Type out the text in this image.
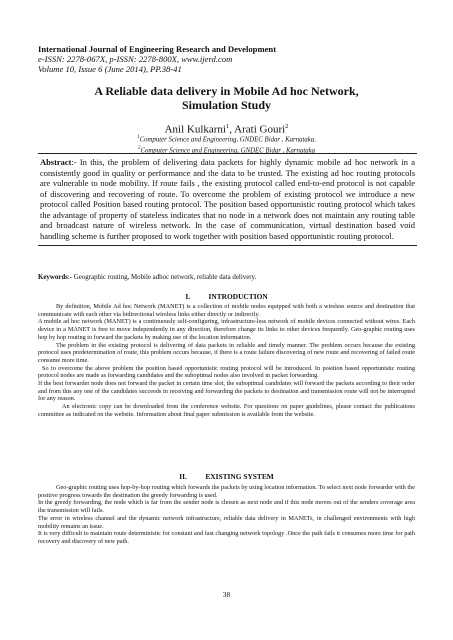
International Journal of Engineering Research and Development
e-ISSN: 2278-067X, p-ISSN: 2278-800X, www.ijerd.com
Volume 10, Issue 6 (June 2014), PP.38-41
A Reliable data delivery in Mobile Ad hoc Network,
Simulation Study
Anil Kulkarni$^1$, Arati Gouri$^2$
$^1$Computer Science and Engineering, GNDEC Bidar , Karnataka.
$^2$Computer Science and Engineering, GNDEC Bidar , Karnataka

Abstract:- In this, the problem of delivering data packets for highly dynamic mobile ad hoc network in a consistently good in quality or performance and the data to be trusted. The existing ad hoc routing protocols are vulnerable to node mobility. If route fails , the existing protocol called end-to-end protocol is not capable of discovering and recovering of route. To overcome the problem of existing protocol we introduce a new protocol called Position based routing protocol. The position based opportunistic routing protocol which takes the advantage of property of stateless indicates that no node in a network does not maintain any routing table and broadcast nature of wireless network. In the case of communication, virtual destination based void handling scheme is further proposed to work together with position based opportunistic routing protocol.

Keywords:- Geographic routing, Mobile adhoc network, reliable data delivery.
I.          INTRODUCTION

By definition, Mobile Ad hoc Network (MANET) is a collection of mobile nodes equipped with both a wireless source and destination that communicate with each other via bidirectional wireless links either directly or indirectly.

A mobile ad hoc network (MANET) is a continuously self-configuring, infrastructure-less network of mobile devices connected without wires. Each device in a MANET is free to move independently in any direction, therefore change its links to other devices frequently. Geo-graphic routing uses hop by hop routing to forward the packets by making use of the location information.

The problem in the existing protocol is delivering of data packets in reliable and timely manner. The problem occurs because the existing protocol uses predetermination of route, this problem occurs because, if there is a route failure discovering of new route and recovering of failed route consume more time.

So to overcome the above problem the position based opportunistic routing protocol will be introduced. In position based opportunistic routing protocol nodes are made as forwarding candidates and the suboptimal nodes also involved in packet forwarding.

If the best forwarder node does not forward the packet in certain time slot, the suboptimal candidates will forward the packets according to their order and from this any one of the candidates succeeds in receiving and forwarding the packets to destination and transmission route will not be interrupted for any reason.

An electronic copy can be downloaded from the conference website. For questions on paper guidelines, please contact the publications committee as indicated on the website. Information about final paper submission is available from the website.

II.          EXISTING SYSTEM

Geo-graphic routing uses hop-by-hop routing which forwards the packets by using location information. To select next node forwarder with the positive progress towards the destination the greedy forwarding is used.

In the greedy forwarding, the node which is far from the sender node is chosen as next node and if this node moves out of the senders coverage area the transmission will fails.

The error in wireless channel and the dynamic network infrastructure, reliable data delivery in MANETs, in challenged environments with high mobility remains an issue.

It is very difficult to maintain route deterministic for constant and fast changing network topology .Once the path fails it consumes more time for path recovery and discovery of new path.

38
